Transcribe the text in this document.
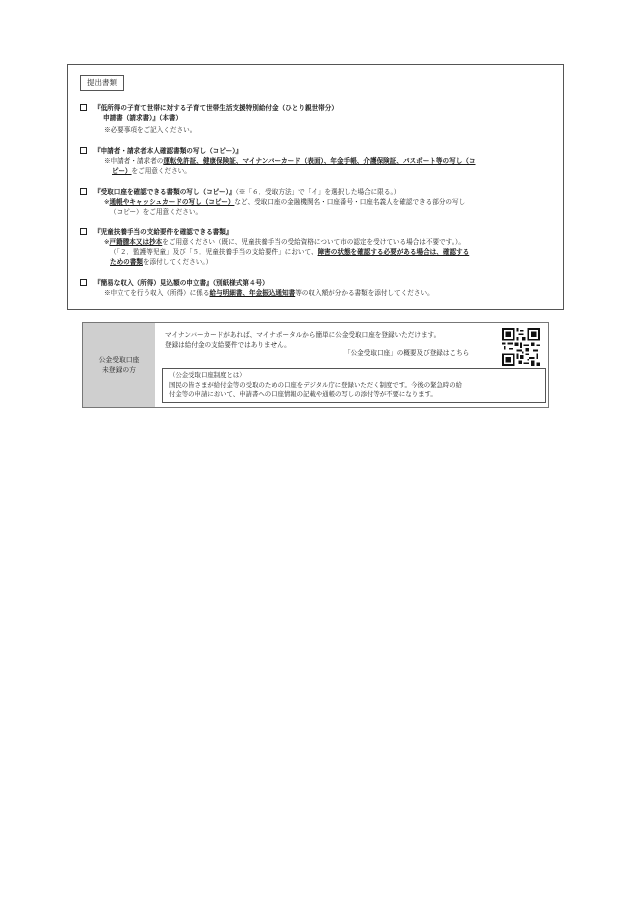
提出書類
『低所得の子育て世帯に対する子育て世帯生活支援特別給付金（ひとり親世帯分）
申請書（請求書）』（本書）
※必要事項をご記入ください。
『申請者・請求者本人確認書類の写し（コピー）』
※申請者・請求者の運転免許証、健康保険証、マイナンバーカード（表面）、年金手帳、介護保険証、パスポート等の写し（コ
ピー）をご用意ください。
『受取口座を確認できる書類の写し（コピー）』（※「６．受取方法」で「イ」を選択した場合に限る。）
※通帳やキャッシュカードの写し（コピー）など、受取口座の金融機関名・口座番号・口座名義人を確認できる部分の写し
（コピー）をご用意ください。
『児童扶養手当の支給要件を確認できる書類』
※戸籍謄本又は抄本をご用意ください（既に、児童扶養手当の受給資格について市の認定を受けている場合は不要です。）。
（「２．監護等児童」及び「５．児童扶養手当の支給要件」において、障害の状態を確認する必要がある場合は、確認する
ための書類を添付してください。）
『簡易な収入（所得）見込額の申立書』（別紙様式第４号）
※申立てを行う収入（所得）に係る給与明細書、年金振込通知書等の収入額が分かる書類を添付してください。
公金受取口座
未登録の方
マイナンバーカードがあれば、マイナポータルから簡単に公金受取口座を登録いただけます。
登録は給付金の支給要件ではありません。
「公金受取口座」の概要及び登録はこちら
（公金受取口座制度とは）
国民の皆さまが給付金等の受取のための口座をデジタル庁に登録いただく制度です。今後の緊急時の給
付金等の申請において、申請書への口座情報の記載や通帳の写しの添付等が不要になります。
